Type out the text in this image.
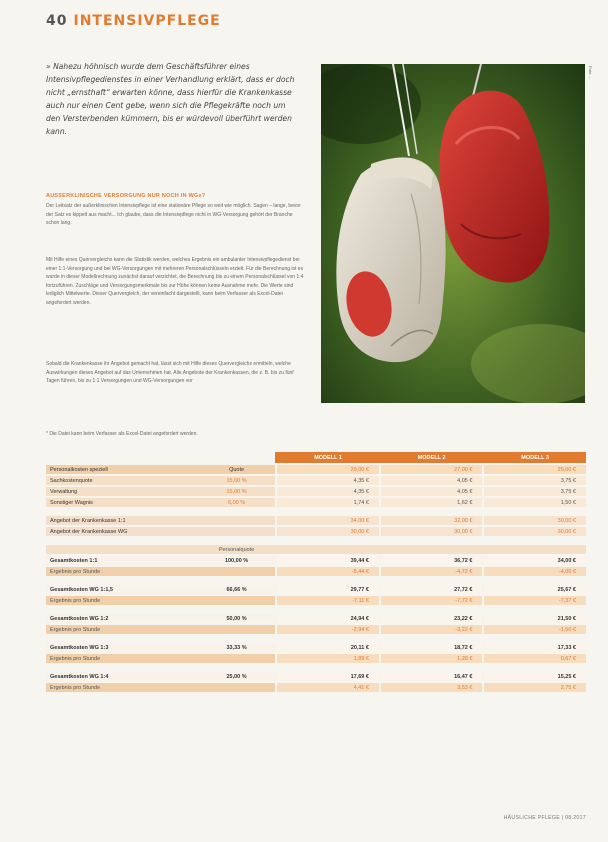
40 INTENSIVPFLEGE
» Nahezu höhnisch wurde dem Geschäftsführer eines Intensivpflegedienstes in einer Verhandlung erklärt, dass er doch nicht „ernsthaft“ erwarten könne, dass hierfür die Krankenkasse auch nur einen Cent gebe, wenn sich die Pflegekräfte noch um den Versterbenden kümmern, bis er würdevoll überführt werden kann.
Foto: ...
AUSSERKLINISCHE VERSORGUNG NUR NOCH IN WGs?
Der Leitsatz der außerklinischen Intensivpflege ist eine stationäre Pflege so weit wie möglich. Sagen – lange, bevor der Satz es kippelt aus macht... Ich glaube, dass die Intensivpflege nicht in WG-Versorgung gehört der Branche schon lang.
Mit Hilfe eines Quervergleichs kann die Statistik werden, welches Ergebnis ein ambulanter Intensivpflegedienst bei einer 1:1-Versorgung und bei WG-Versorgungen mit mehreren Personalschlüsseln erzielt. Für die Berechnung ist es wurde in dieser Modellrechnung zunächst darauf verzichtet, die Berechnung bis zu einem Personalschlüssel von 1:4 fortzuführen. Zuschläge und Versorgungsmerkmale bis zur Höhe können keine Ausnahme mehr. Die Werte sind lediglich Mittelwerte. Dieser Quervergleich, der vereinfacht dargestellt, kann beim Verfasser als Excel-Datei angefordert werden.
Sobald die Krankenkasse ihr Angebot gemacht hat, lässt sich mit Hilfe dieses Quervergleichs ermitteln, welche Auswirkungen dieses Angebot auf das Unternehmen hat. Alle Angebote der Krankenkassen, die z. B. bis zu fünf Tagen führen, bis zu 1:1 Versorgungen und WG-Versorgungen vor
* Die Datei kann beim Verfasser als Excel-Datei angefordert werden.
			MODELL 1		MODELL 2		MODELL 3
Personalkosten speziell	Quote		29,00 €		27,00 €		25,00 €
Sachkostenquote	15,00 %		4,35 €		4,05 €		3,75 €
Verwaltung	15,00 %		4,35 €		4,05 €		3,75 €
Sonstiger Wagnis	6,00 %		1,74 €		1,62 €		1,50 €

Angebot der Krankenkasse 1:1			34,00 €		32,00 €		30,00 €
Angebot der Krankenkasse WG			30,00 €		30,00 €		30,00 €

	Personalquote						
Gesamtkosten 1:1	100,00 %		39,44 €		36,72 €		34,00 €
Ergebnis pro Stunde			-5,44 €		-4,72 €		-4,00 €

Gesamtkosten WG 1:1,5	66,66 %		29,77 €		27,72 €		25,67 €
Ergebnis pro Stunde			-7,11 €		-7,72 €		-7,37 €

Gesamtkosten WG 1:2	50,00 %		24,94 €		23,22 €		21,50 €
Ergebnis pro Stunde			-2,94 €		-3,22 €		-1,50 €

Gesamtkosten WG 1:3	33,33 %		20,11 €		18,72 €		17,33 €
Ergebnis pro Stunde			1,89 €		1,28 €		0,67 €

Gesamtkosten WG 1:4	25,00 %		17,69 €		16,47 €		15,25 €
Ergebnis pro Stunde			4,41 €		3,53 €		2,75 €
HÄUSLICHE PFLEGE | 08.2017
